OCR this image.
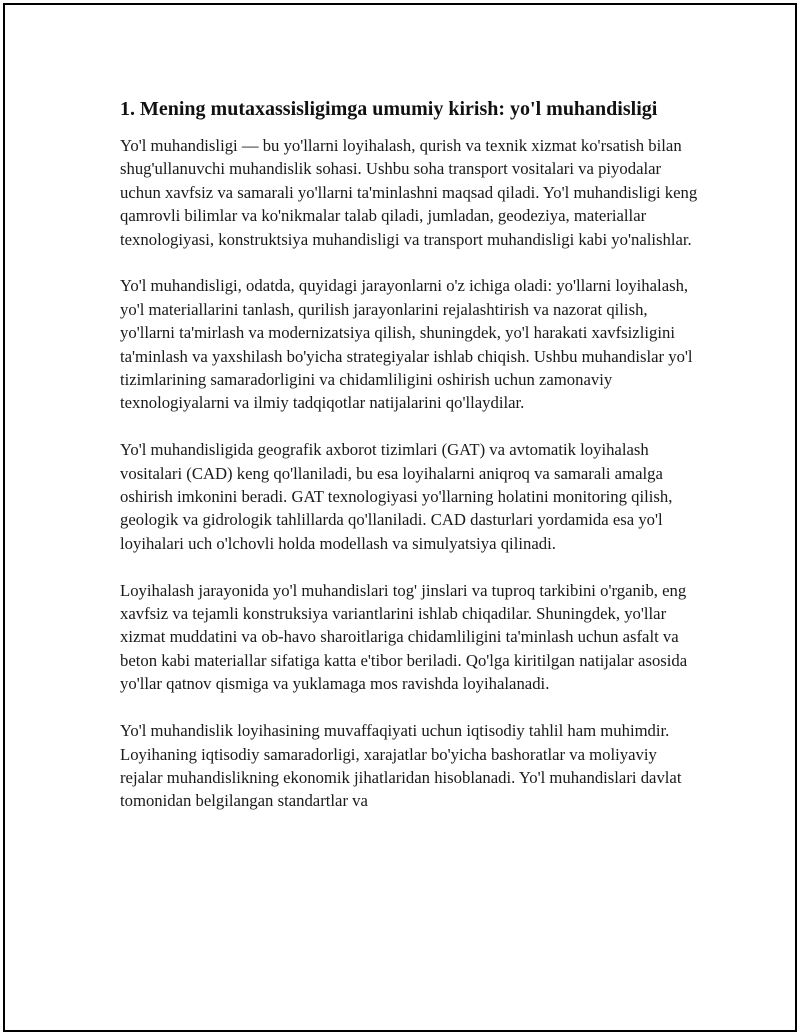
1. Mening mutaxassisligimga umumiy kirish: yo'l muhandisligi

Yo'l muhandisligi — bu yo'llarni loyihalash, qurish va texnik xizmat ko'rsatish bilan shug'ullanuvchi muhandislik sohasi. Ushbu soha transport vositalari va piyodalar uchun xavfsiz va samarali yo'llarni ta'minlashni maqsad qiladi. Yo'l muhandisligi keng qamrovli bilimlar va ko'nikmalar talab qiladi, jumladan, geodeziya, materiallar texnologiyasi, konstruktsiya muhandisligi va transport muhandisligi kabi yo'nalishlar.

Yo'l muhandisligi, odatda, quyidagi jarayonlarni o'z ichiga oladi: yo'llarni loyihalash, yo'l materiallarini tanlash, qurilish jarayonlarini rejalashtirish va nazorat qilish, yo'llarni ta'mirlash va modernizatsiya qilish, shuningdek, yo'l harakati xavfsizligini ta'minlash va yaxshilash bo'yicha strategiyalar ishlab chiqish. Ushbu muhandislar yo'l tizimlarining samaradorligini va chidamliligini oshirish uchun zamonaviy texnologiyalarni va ilmiy tadqiqotlar natijalarini qo'llaydilar.

Yo'l muhandisligida geografik axborot tizimlari (GAT) va avtomatik loyihalash vositalari (CAD) keng qo'llaniladi, bu esa loyihalarni aniqroq va samarali amalga oshirish imkonini beradi. GAT texnologiyasi yo'llarning holatini monitoring qilish, geologik va gidrologik tahlillarda qo'llaniladi. CAD dasturlari yordamida esa yo'l loyihalari uch o'lchovli holda modellash va simulyatsiya qilinadi.

Loyihalash jarayonida yo'l muhandislari tog' jinslari va tuproq tarkibini o'rganib, eng xavfsiz va tejamli konstruksiya variantlarini ishlab chiqadilar. Shuningdek, yo'llar xizmat muddatini va ob-havo sharoitlariga chidamliligini ta'minlash uchun asfalt va beton kabi materiallar sifatiga katta e'tibor beriladi. Qo'lga kiritilgan natijalar asosida yo'llar qatnov qismiga va yuklamaga mos ravishda loyihalanadi.

Yo'l muhandislik loyihasining muvaffaqiyati uchun iqtisodiy tahlil ham muhimdir. Loyihaning iqtisodiy samaradorligi, xarajatlar bo'yicha bashoratlar va moliyaviy rejalar muhandislikning ekonomik jihatlaridan hisoblanadi. Yo'l muhandislari davlat tomonidan belgilangan standartlar va
